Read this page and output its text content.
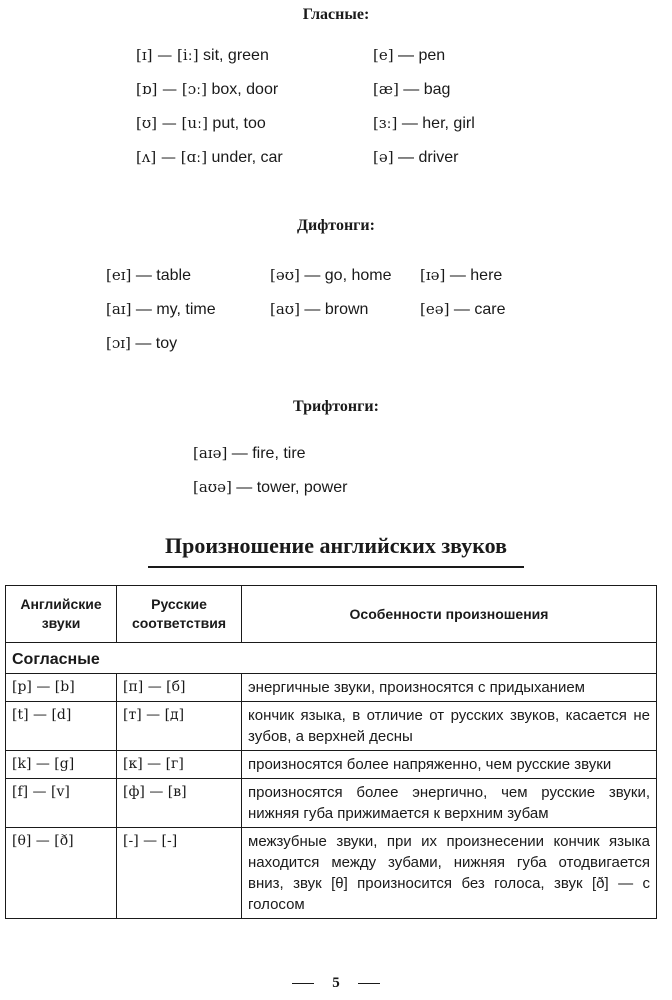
Гласные:
[ɪ] — [iː] sit, green	[e] — pen
[ɒ] — [ɔː] box, door	[æ] — bag
[ʊ] — [uː] put, too	[ɜː] — her, girl
[ʌ] — [ɑː] under, car	[ə] — driver
Дифтонги:
[eɪ] — table	[əʊ] — go, home [ɪə] — here
[aɪ] — my, time	[aʊ] — brown	[eə] — care
[ɔɪ] — toy
Трифтонги:
[aɪə] — fire, tire
[aʊə] — tower, power
Произношение английских звуков
Английские звуки	Русские соответствия	Особенности произношения
Согласные		
[p] — [b]	[п] — [б]	энергичные звуки, произносятся с придыханием
[t] — [d]	[т] — [д]	кончик языка, в отличие от русских звуков, касается не зубов, а верхней десны
[k] — [g]	[к] — [г]	произносятся более напряженно, чем русские звуки
[f] — [v]	[ф] — [в]	произносятся более энергично, чем русские звуки, нижняя губа прижимается к верхним зубам
[θ] — [ð]	[-] — [-]	межзубные звуки, при их произнесении кончик языка находится между зубами, нижняя губа отодвигается вниз, звук [θ] произносится без голоса, звук [ð] — с голосом
5
